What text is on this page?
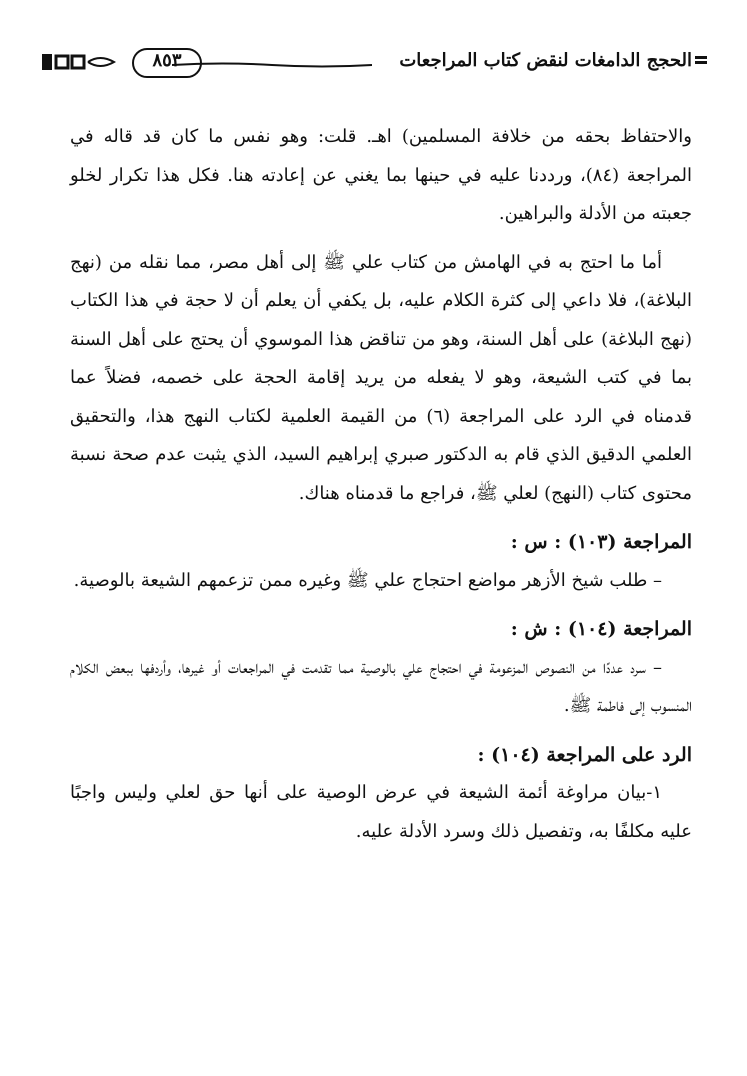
الحجج الدامغات لنقض كتاب المراجعات
٨٥٣

والاحتفاظ بحقه من خلافة المسلمين) اهـ. قلت: وهو نفس ما كان قد قاله في المراجعة (٨٤)، ورددنا عليه في حينها بما يغني عن إعادته هنا. فكل هذا تكرار لخلو جعبته من الأدلة والبراهين.

أما ما احتج به في الهامش من كتاب علي ﷺ إلى أهل مصر، مما نقله من (نهج البلاغة)، فلا داعي إلى كثرة الكلام عليه، بل يكفي أن يعلم أن لا حجة في هذا الكتاب (نهج البلاغة) على أهل السنة، وهو من تناقض هذا الموسوي أن يحتج على أهل السنة بما في كتب الشيعة، وهو لا يفعله من يريد إقامة الحجة على خصمه، فضلاً عما قدمناه في الرد على المراجعة (٦) من القيمة العلمية لكتاب النهج هذا، والتحقيق العلمي الدقيق الذي قام به الدكتور صبري إبراهيم السيد، الذي يثبت عدم صحة نسبة محتوى كتاب (النهج) لعلي ﷺ، فراجع ما قدمناه هناك.

المراجعة (١٠٣) : س :

– طلب شيخ الأزهر مواضع احتجاج علي ﷺ وغيره ممن تزعمهم الشيعة بالوصية.

المراجعة (١٠٤) : ش :

– سرد عددًا من النصوص المزعومة في احتجاج علي بالوصية مما تقدمت في المراجعات أو غيرها، وأردفها ببعض الكلام المنسوب إلى فاطمة ﷺ.

الرد على المراجعة (١٠٤) :

١-بيان مراوغة أئمة الشيعة في عرض الوصية على أنها حق لعلي وليس واجبًا عليه مكلفًا به، وتفصيل ذلك وسرد الأدلة عليه.
